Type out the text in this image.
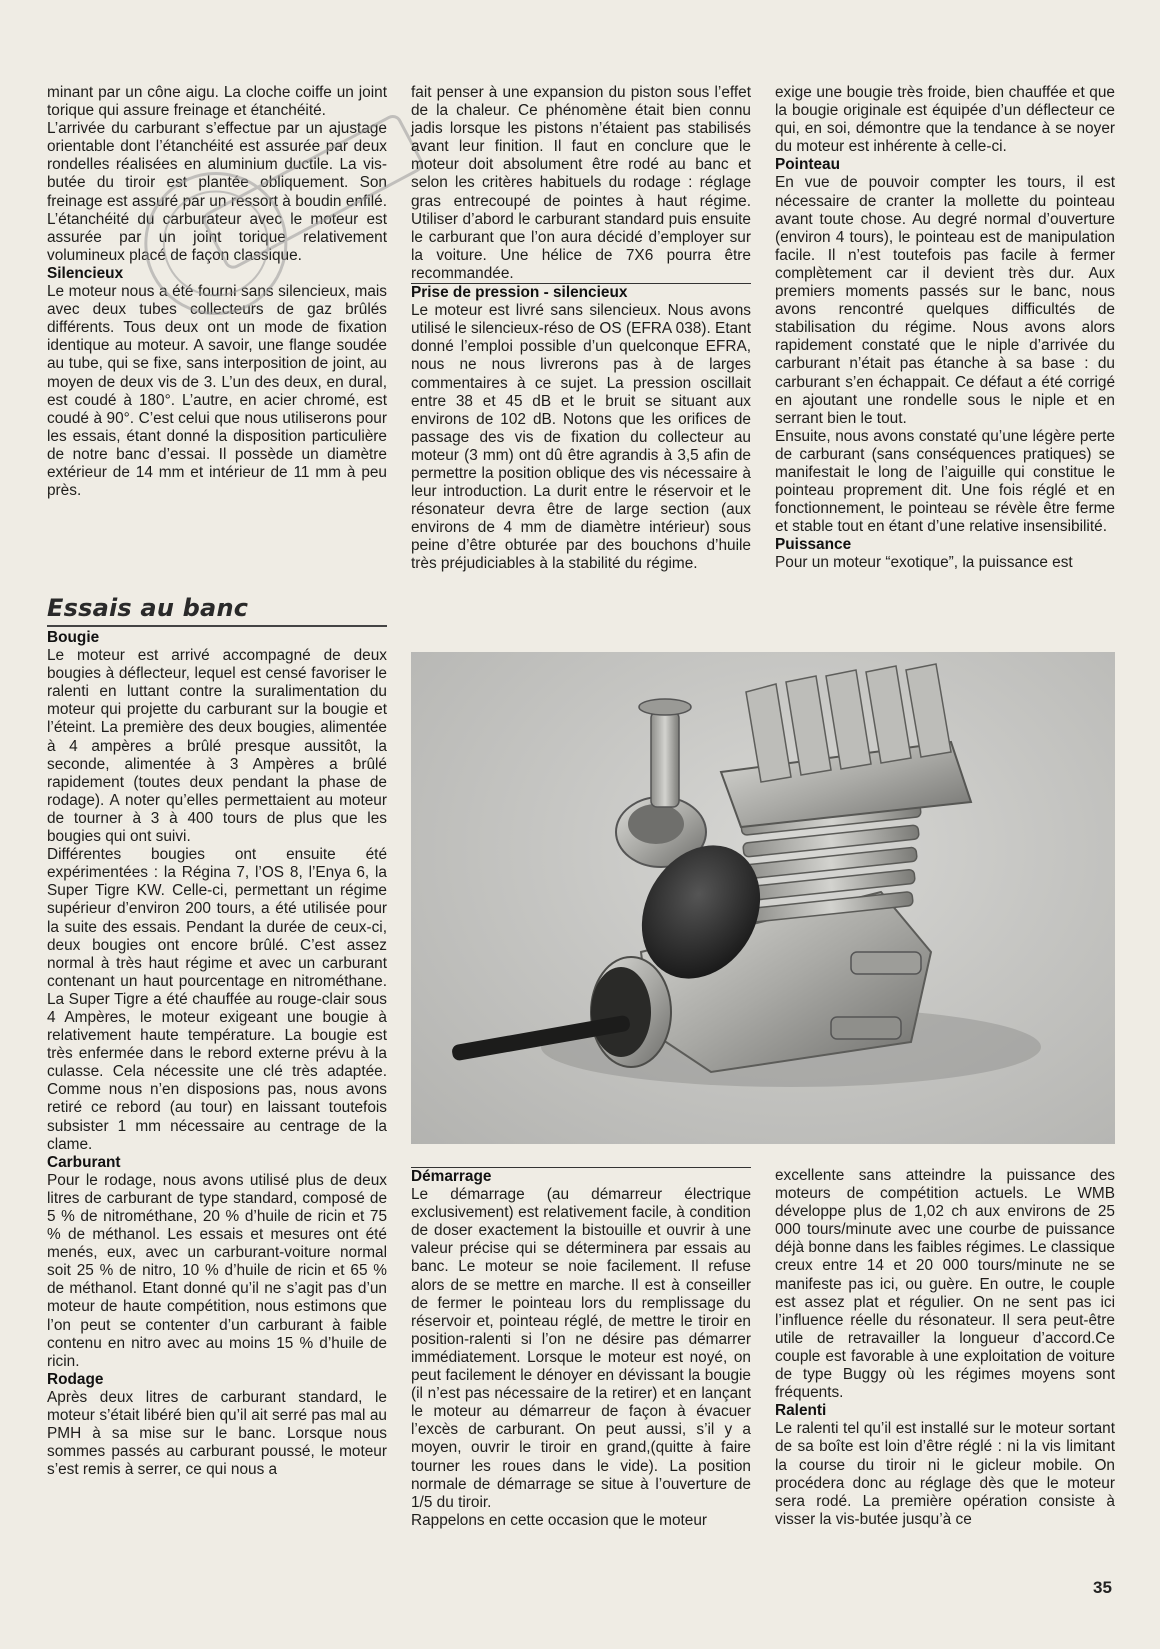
minant par un cône aigu. La cloche coiffe un joint torique qui assure freinage et étanchéité.

L’arrivée du carburant s’effectue par un ajustage orientable dont l’étanchéité est assurée par deux rondelles réalisées en aluminium ductile. La vis-butée du tiroir est plantée obliquement. Son freinage est assuré par un ressort à boudin enfilé. L’étanchéité du carburateur avec le moteur est assurée par un joint torique relativement volumineux placé de façon classique.

Silencieux

Le moteur nous a été fourni sans silencieux, mais avec deux tubes collecteurs de gaz brûlés différents. Tous deux ont un mode de fixation identique au moteur. A savoir, une flange soudée au tube, qui se fixe, sans interposition de joint, au moyen de deux vis de 3. L’un des deux, en dural, est coudé à 180°. L’autre, en acier chromé, est coudé à 90°. C’est celui que nous utiliserons pour les essais, étant donné la disposition particulière de notre banc d’essai. Il possède un diamètre extérieur de 14 mm et intérieur de 11 mm à peu près.

Essais au banc
Bougie

Le moteur est arrivé accompagné de deux bougies à déflecteur, lequel est censé favoriser le ralenti en luttant contre la suralimentation du moteur qui projette du carburant sur la bougie et l’éteint. La première des deux bougies, alimentée à 4 ampères a brûlé presque aussitôt, la seconde, alimentée à 3 Ampères a brûlé rapidement (toutes deux pendant la phase de rodage). A noter qu’elles permettaient au moteur de tourner à 3 à 400 tours de plus que les bougies qui ont suivi.

Différentes bougies ont ensuite été expérimentées : la Régina 7, l’OS 8, l’Enya 6, la Super Tigre KW. Celle-ci, permettant un régime supérieur d’environ 200 tours, a été utilisée pour la suite des essais. Pendant la durée de ceux-ci, deux bougies ont encore brûlé. C’est assez normal à très haut régime et avec un carburant contenant un haut pourcentage en nitrométhane. La Super Tigre a été chauffée au rouge-clair sous 4 Ampères, le moteur exigeant une bougie à relativement haute température. La bougie est très enfermée dans le rebord externe prévu à la culasse. Cela nécessite une clé très adaptée. Comme nous n’en disposions pas, nous avons retiré ce rebord (au tour) en laissant toutefois subsister 1 mm nécessaire au centrage de la clame.

Carburant

Pour le rodage, nous avons utilisé plus de deux litres de carburant de type standard, composé de 5 % de nitrométhane, 20 % d’huile de ricin et 75 % de méthanol. Les essais et mesures ont été menés, eux, avec un carburant-voiture normal soit 25 % de nitro, 10 % d’huile de ricin et 65 % de méthanol. Etant donné qu’il ne s’agit pas d’un moteur de haute compétition, nous estimons que l’on peut se contenter d’un carburant à faible contenu en nitro avec au moins 15 % d’huile de ricin.

Rodage

Après deux litres de carburant standard, le moteur s’était libéré bien qu’il ait serré pas mal au PMH à sa mise sur le banc. Lorsque nous sommes passés au carburant poussé, le moteur s’est remis à serrer, ce qui nous a

fait penser à une expansion du piston sous l’effet de la chaleur. Ce phénomène était bien connu jadis lorsque les pistons n’étaient pas stabilisés avant leur finition. Il faut en conclure que le moteur doit absolument être rodé au banc et selon les critères habituels du rodage : réglage gras entrecoupé de pointes à haut régime. Utiliser d’abord le carburant standard puis ensuite le carburant que l’on aura décidé d’employer sur la voiture. Une hélice de 7X6 pourra être recommandée.

Prise de pression - silencieux

Le moteur est livré sans silencieux. Nous avons utilisé le silencieux-réso de OS (EFRA 038). Etant donné l’emploi possible d’un quelconque EFRA, nous ne nous livrerons pas à de larges commentaires à ce sujet. La pression oscillait entre 38 et 45 dB et le bruit se situant aux environs de 102 dB. Notons que les orifices de passage des vis de fixation du collecteur au moteur (3 mm) ont dû être agrandis à 3,5 afin de permettre la position oblique des vis nécessaire à leur introduction. La durit entre le réservoir et le résonateur devra être de large section (aux environs de 4 mm de diamètre intérieur) sous peine d’être obturée par des bouchons d’huile très préjudiciables à la stabilité du régime.

exige une bougie très froide, bien chauffée et que la bougie originale est équipée d’un déflecteur ce qui, en soi, démontre que la tendance à se noyer du moteur est inhérente à celle-ci.

Pointeau

En vue de pouvoir compter les tours, il est nécessaire de cranter la mollette du pointeau avant toute chose. Au degré normal d’ouverture (environ 4 tours), le pointeau est de manipulation facile. Il n’est toutefois pas facile à fermer complètement car il devient très dur. Aux premiers moments passés sur le banc, nous avons rencontré quelques difficultés de stabilisation du régime. Nous avons alors rapidement constaté que le niple d’arrivée du carburant n’était pas étanche à sa base : du carburant s’en échappait. Ce défaut a été corrigé en ajoutant une rondelle sous le niple et en serrant bien le tout.

Ensuite, nous avons constaté qu’une légère perte de carburant (sans conséquences pratiques) se manifestait le long de l’aiguille qui constitue le pointeau proprement dit. Une fois réglé et en fonctionnement, le pointeau se révèle être ferme et stable tout en étant d’une relative insensibilité.

Puissance

Pour un moteur “exotique”, la puissance est

Démarrage

Le démarrage (au démarreur électrique exclusivement) est relativement facile, à condition de doser exactement la bistouille et ouvrir à une valeur précise qui se déterminera par essais au banc. Le moteur se noie facilement. Il refuse alors de se mettre en marche. Il est à conseiller de fermer le pointeau lors du remplissage du réservoir et, pointeau réglé, de mettre le tiroir en position-ralenti si l’on ne désire pas démarrer immédiatement. Lorsque le moteur est noyé, on peut facilement le dénoyer en dévissant la bougie (il n’est pas nécessaire de la retirer) et en lançant le moteur au démarreur de façon à évacuer l’excès de carburant. On peut aussi, s’il y a moyen, ouvrir le tiroir en grand,(quitte à faire tourner les roues dans le vide). La position normale de démarrage se situe à l’ouverture de 1/5 du tiroir.

Rappelons en cette occasion que le moteur

excellente sans atteindre la puissance des moteurs de compétition actuels. Le WMB développe plus de 1,02 ch aux environs de 25 000 tours/minute avec une courbe de puissance déjà bonne dans les faibles régimes. Le classique creux entre 14 et 20 000 tours/minute ne se manifeste pas ici, ou guère. En outre, le couple est assez plat et régulier. On ne sent pas ici l’influence réelle du résonateur. Il sera peut-être utile de retravailler la longueur d’accord.Ce couple est favorable à une exploitation de voiture de type Buggy où les régimes moyens sont fréquents.

Ralenti

Le ralenti tel qu’il est installé sur le moteur sortant de sa boîte est loin d’être réglé : ni la vis limitant la course du tiroir ni le gicleur mobile. On procédera donc au réglage dès que le moteur sera rodé. La première opération consiste à visser la vis-butée jusqu’à ce

35
